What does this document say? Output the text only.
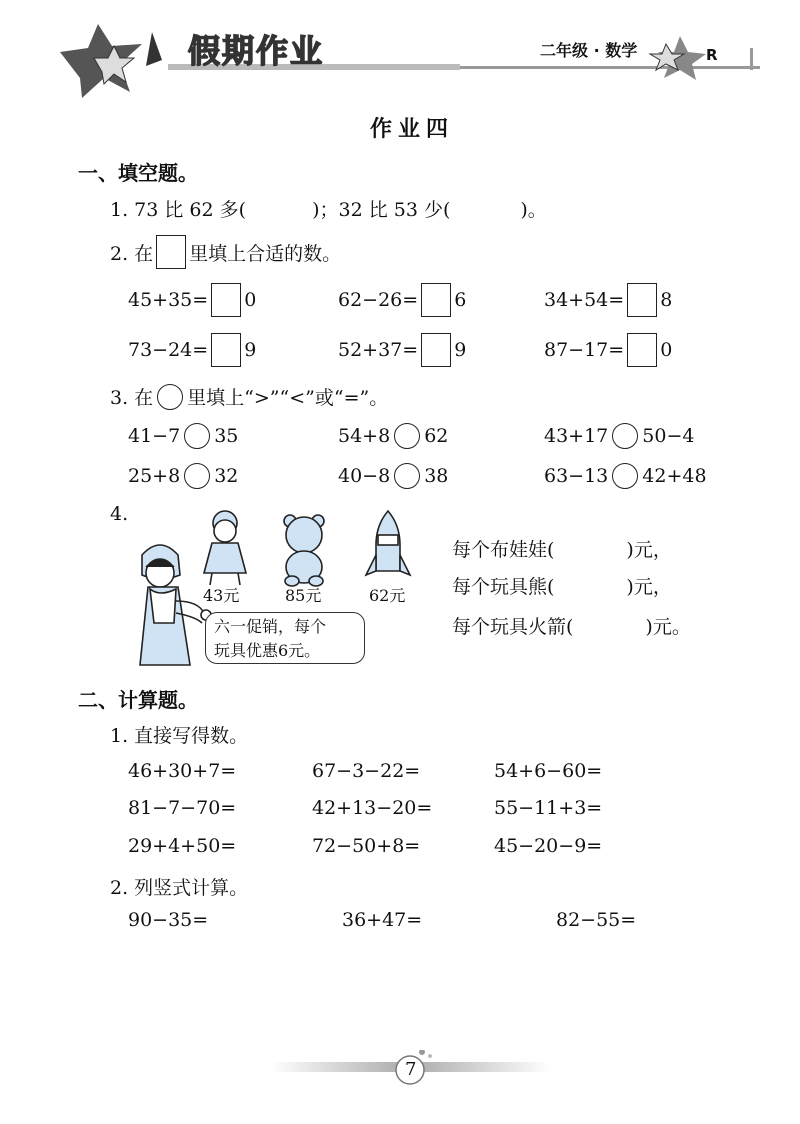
假期作业	二年级 · 数学	R
作业四
一、填空题。
1. 73 比 62 多(	)；32 比 53 少(	)。
2. 在 里填上合适的数。
45+35= 0	62−26= 6	34+54= 8
73−24= 9	52+37= 9	87−17= 0
3. 在 里填上“>”“<”或“=”。
41−7 35	54+8 62	43+17 50−4
25+8 32	40−8 38	63−13 42+48
4.
43元	85元	62元
六一促销，每个
玩具优惠6元。
每个布娃娃(	)元，
每个玩具熊(	)元，
每个玩具火箭(	)元。
二、计算题。
1. 直接写得数。
46+30+7=	67−3−22=	54+6−60=
81−7−70=	42+13−20=	55−11+3=
29+4+50=	72−50+8=	45−20−9=
2. 列竖式计算。
90−35=	36+47=	82−55=
7
